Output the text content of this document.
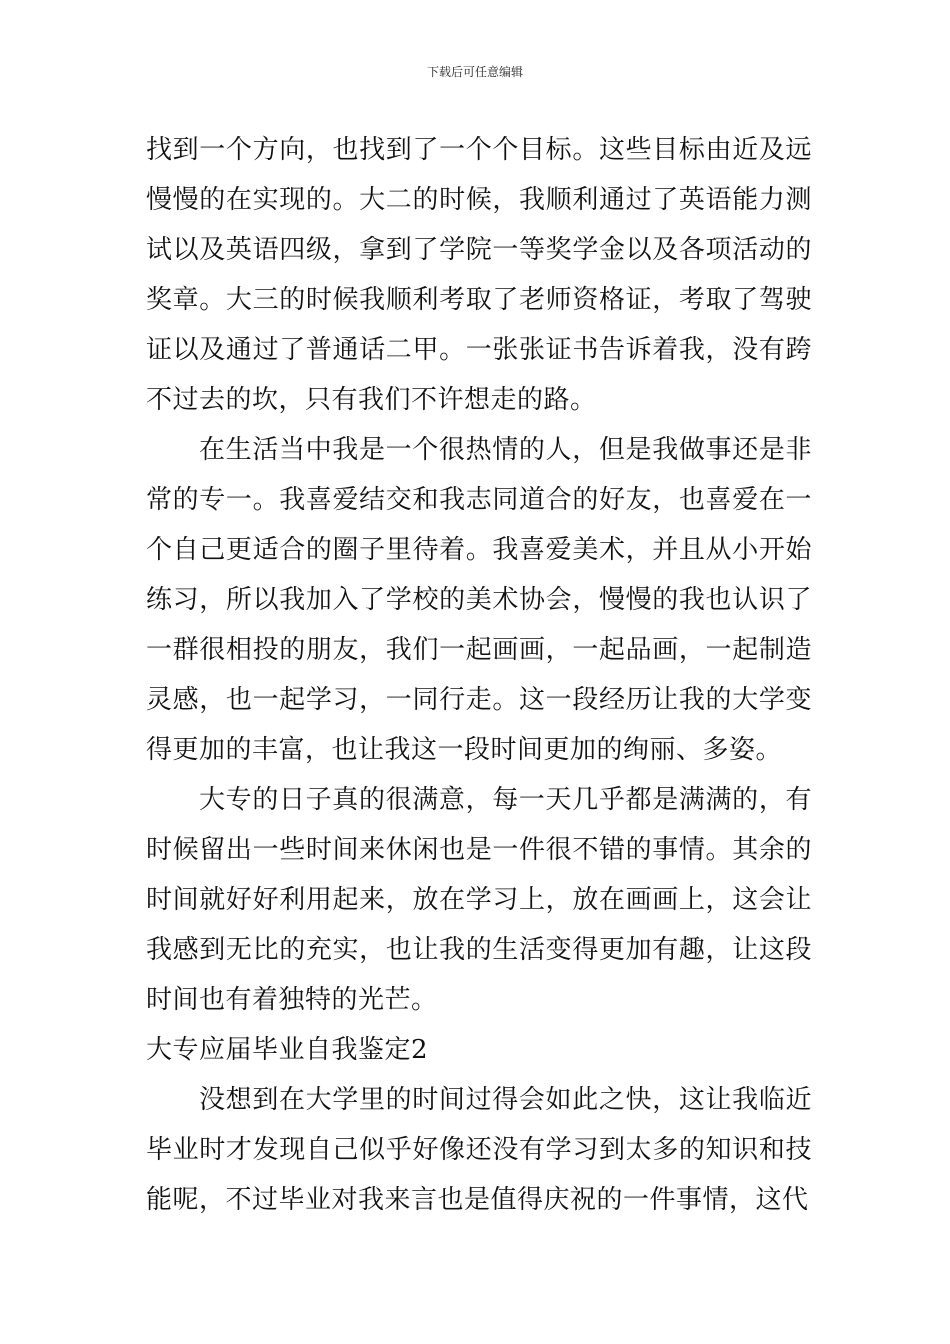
下载后可任意编辑

找到一个方向，也找到了一个个目标。这些目标由近及远慢慢的在实现的。大二的时候，我顺利通过了英语能力测试以及英语四级，拿到了学院一等奖学金以及各项活动的奖章。大三的时候我顺利考取了老师资格证，考取了驾驶证以及通过了普通话二甲。一张张证书告诉着我，没有跨不过去的坎，只有我们不许想走的路。

在生活当中我是一个很热情的人，但是我做事还是非常的专一。我喜爱结交和我志同道合的好友，也喜爱在一个自己更适合的圈子里待着。我喜爱美术，并且从小开始练习，所以我加入了学校的美术协会，慢慢的我也认识了一群很相投的朋友，我们一起画画，一起品画，一起制造灵感，也一起学习，一同行走。这一段经历让我的大学变得更加的丰富，也让我这一段时间更加的绚丽、多姿。

大专的日子真的很满意，每一天几乎都是满满的，有时候留出一些时间来休闲也是一件很不错的事情。其余的时间就好好利用起来，放在学习上，放在画画上，这会让我感到无比的充实，也让我的生活变得更加有趣，让这段时间也有着独特的光芒。

大专应届毕业自我鉴定2

没想到在大学里的时间过得会如此之快，这让我临近毕业时才发现自己似乎好像还没有学习到太多的知识和技能呢，不过毕业对我来言也是值得庆祝的一件事情，这代
